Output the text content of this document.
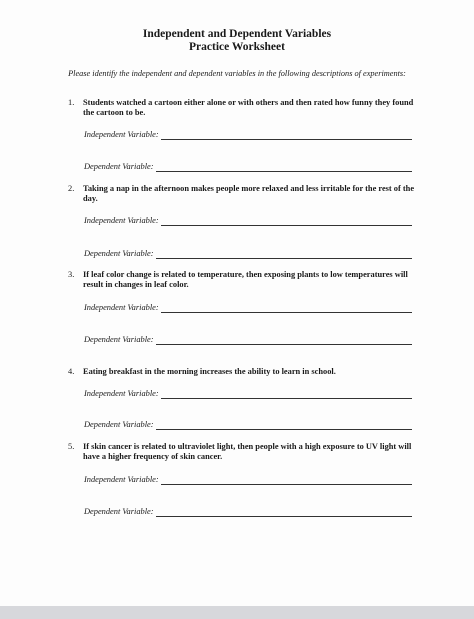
Independent and Dependent Variables
Practice Worksheet
Please identify the independent and dependent variables in the following descriptions of experiments:
1. Students watched a cartoon either alone or with others and then rated how funny they found the cartoon to be.
Independent Variable:
Dependent Variable:
2. Taking a nap in the afternoon makes people more relaxed and less irritable for the rest of the day.
Independent Variable:
Dependent Variable:
3. If leaf color change is related to temperature, then exposing plants to low temperatures will result in changes in leaf color.
Independent Variable:
Dependent Variable:
4. Eating breakfast in the morning increases the ability to learn in school.
Independent Variable:
Dependent Variable:
5. If skin cancer is related to ultraviolet light, then people with a high exposure to UV light will have a higher frequency of skin cancer.
Independent Variable:
Dependent Variable:
